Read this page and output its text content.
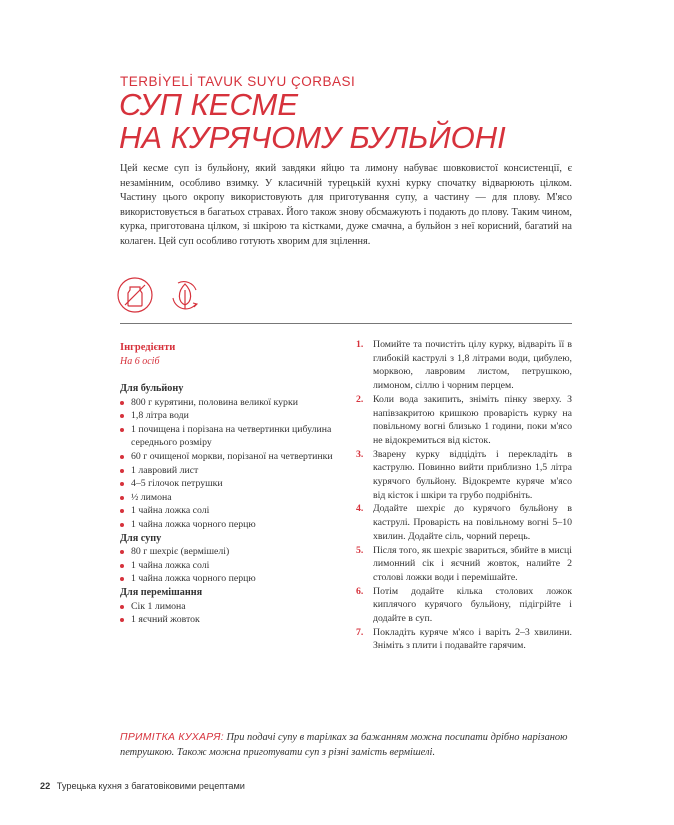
TERBİYELİ TAVUK SUYU ÇORBASI
СУП КЕСМЕ
НА КУРЯЧОМУ БУЛЬЙОНІ
Цей кесме суп із бульйону, який завдяки яйцю та лимону набуває шовковистої консистенції, є незамінним, особливо взимку. У класичній турецькій кухні курку спочатку відварюють цілком. Частину цього окропу використовують для приготування супу, а частину — для плову. М'ясо використовується в багатьох стравах. Його також знову обсмажують і подають до плову. Таким чином, курка, приготована цілком, зі шкірою та кістками, дуже смачна, а бульйон з неї корисний, багатий на колаген. Цей суп особливо готують хворим для зцілення.
Інгредієнти
На 6 осіб
Для бульйону
800 г курятини, половина великої курки
1,8 літра води
1 почищена і порізана на четвертинки цибулина
середнього розміру
60 г очищеної моркви, порізаної на четвертинки
1 лавровий лист
4–5 гілочок петрушки
½ лимона
1 чайна ложка солі
1 чайна ложка чорного перцю
Для супу
80 г шехріє (вермішелі)
1 чайна ложка солі
1 чайна ложка чорного перцю
Для перемішання
Сік 1 лимона
1 яєчний жовток
1. Помийте та почистіть цілу курку, відваріть її в глибокій каструлі з 1,8 літрами води, цибулею, морквою, лавровим листом, петрушкою, лимоном, сіллю і чорним перцем.
2. Коли вода закипить, зніміть пінку зверху. З напівзакритою кришкою проварість курку на повільному вогні близько 1 години, поки м'ясо не відокремиться від кісток.
3. Зварену курку відцідіть і перекладіть в каструлю. Повинно вийти приблизно 1,5 літра курячого бульйону. Відокремте куряче м'ясо від кісток і шкіри та грубо подрібніть.
4. Додайте шехріє до курячого бульйону в каструлі. Проварість на повільному вогні 5–10 хвилин. Додайте сіль, чорний перець.
5. Після того, як шехріє звариться, збийте в мисці лимонний сік і яєчний жовток, налийте 2 столові ложки води і перемішайте.
6. Потім додайте кілька столових ложок киплячого курячого бульйону, підігрійте і додайте в суп.
7. Покладіть куряче м'ясо і варіть 2–3 хвилини. Зніміть з плити і подавайте гарячим.
ПРИМІТКА КУХАРЯ: При подачі супу в тарілках за бажанням можна посипати дрібно нарізаною петрушкою. Також можна приготувати суп з різні замість вермішелі.
22 Турецька кухня з багатовіковими рецептами
